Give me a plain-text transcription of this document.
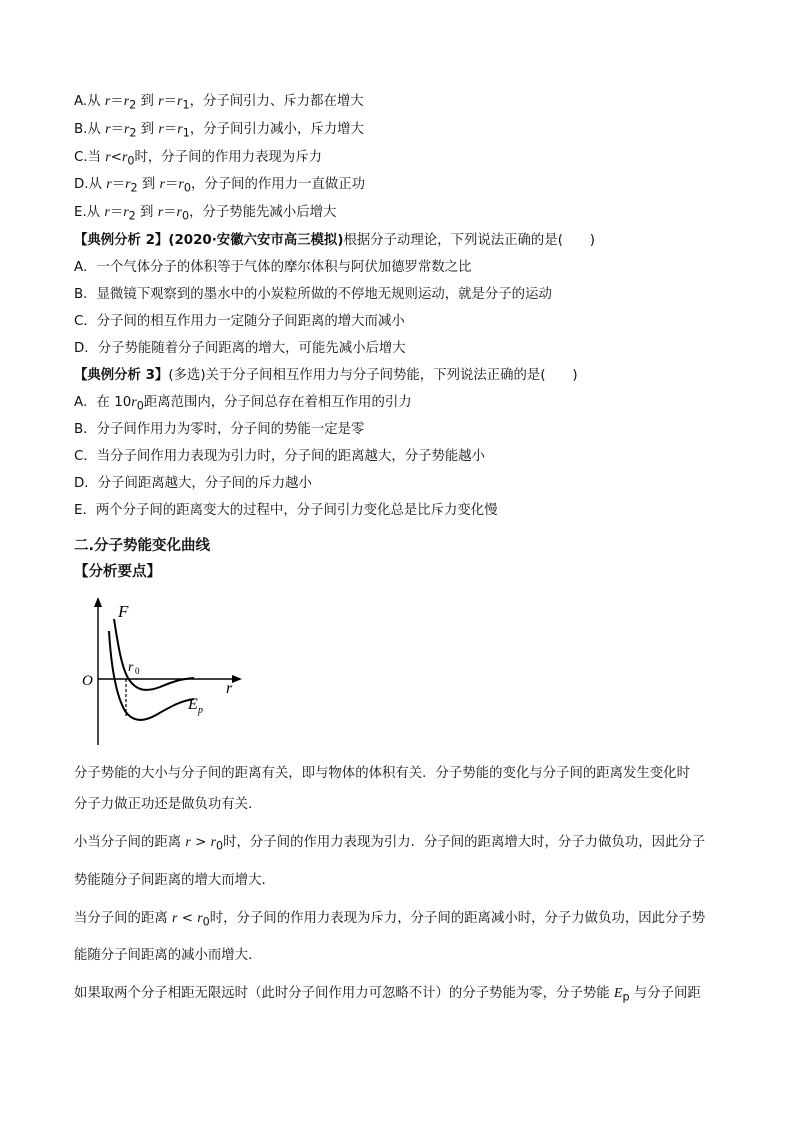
A.从 $r=r_2$ 到 $r=r_1$，分子间引力、斥力都在增大
B.从 $r=r_2$ 到 $r=r_1$，分子间引力减小，斥力增大
C.当 $r<r_0$时，分子间的作用力表现为斥力
D.从 $r=r_2$ 到 $r=r_0$，分子间的作用力一直做正功
E.从 $r=r_2$ 到 $r=r_0$，分子势能先减小后增大
【典例分析 2】(2020·安徽六安市高三模拟)根据分子动理论，下列说法正确的是(　　)
A．一个气体分子的体积等于气体的摩尔体积与阿伏加德罗常数之比
B．显微镜下观察到的墨水中的小炭粒所做的不停地无规则运动，就是分子的运动
C．分子间的相互作用力一定随分子间距离的增大而减小
D．分子势能随着分子间距离的增大，可能先减小后增大
【典例分析 3】(多选)关于分子间相互作用力与分子间势能，下列说法正确的是(　　)
A．在 $10r_0$距离范围内，分子间总存在着相互作用的引力
B．分子间作用力为零时，分子间的势能一定是零
C．当分子间作用力表现为引力时，分子间的距离越大，分子势能越小
D．分子间距离越大，分子间的斥力越小
E．两个分子间的距离变大的过程中，分子间引力变化总是比斥力变化慢
二.分子势能变化曲线
【分析要点】
F
r 0
O	r
E p
分子势能的大小与分子间的距离有关，即与物体的体积有关．分子势能的变化与分子间的距离发生变化时
分子力做正功还是做负功有关．
小当分子间的距离 $r > r_0$时，分子间的作用力表现为引力．分子间的距离增大时，分子力做负功，因此分子
势能随分子间距离的增大而增大．
当分子间的距离 $r < r_0$时，分子间的作用力表现为斥力，分子间的距离减小时，分子力做负功，因此分子势
能随分子间距离的减小而增大．
如果取两个分子相距无限远时（此时分子间作用力可忽略不计）的分子势能为零，分子势能 $E_p$ 与分子间距
